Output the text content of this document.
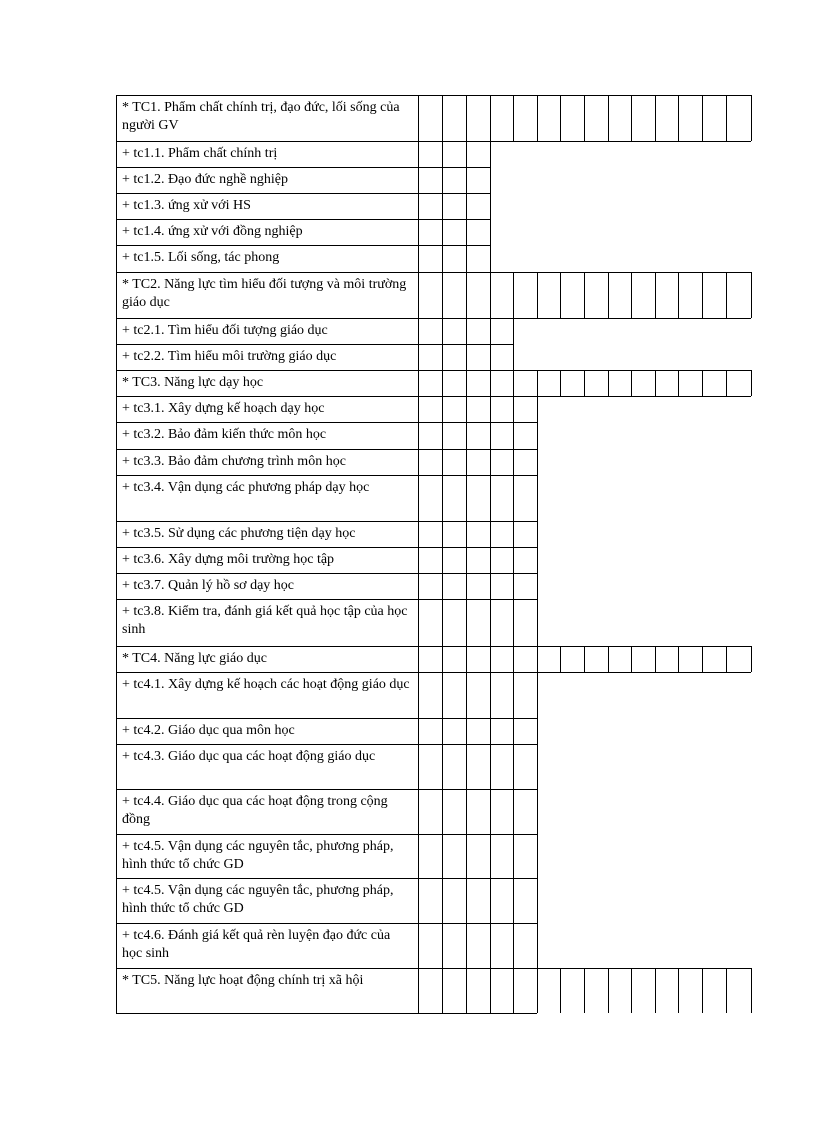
* TC1. Phẩm chất chính trị, đạo đức, lối sống của người GV
+ tc1.1. Phẩm chất chính trị
+ tc1.2. Đạo đức nghề nghiệp
+ tc1.3. ứng xử với HS
+ tc1.4. ứng xử với đồng nghiệp
+ tc1.5. Lối sống, tác phong
* TC2. Năng lực tìm hiểu đối tượng và môi trường giáo dục
+ tc2.1. Tìm hiểu đối tượng giáo dục
+ tc2.2. Tìm hiểu môi trường giáo dục
* TC3. Năng lực dạy học
+ tc3.1. Xây dựng kế hoạch dạy học
+ tc3.2. Bảo đảm kiến thức môn học
+ tc3.3. Bảo đảm chương trình môn học
+ tc3.4. Vận dụng các phương pháp dạy học
+ tc3.5. Sử dụng các phương tiện dạy học
+ tc3.6. Xây dựng môi trường học tập
+ tc3.7. Quản lý hồ sơ dạy học
+ tc3.8. Kiểm tra, đánh giá kết quả học tập của học sinh
* TC4. Năng lực giáo dục
+ tc4.1. Xây dựng kế hoạch các hoạt động giáo dục
+ tc4.2. Giáo dục qua môn học
+ tc4.3. Giáo dục qua các hoạt động giáo dục
+ tc4.4. Giáo dục qua các hoạt động trong cộng đồng
+ tc4.5. Vận dụng các nguyên tắc, phương pháp, hình thức tổ chức GD
+ tc4.5. Vận dụng các nguyên tắc, phương pháp, hình thức tổ chức GD
+ tc4.6. Đánh giá kết quả rèn luyện đạo đức của học sinh
* TC5. Năng lực hoạt động chính trị xã hội
